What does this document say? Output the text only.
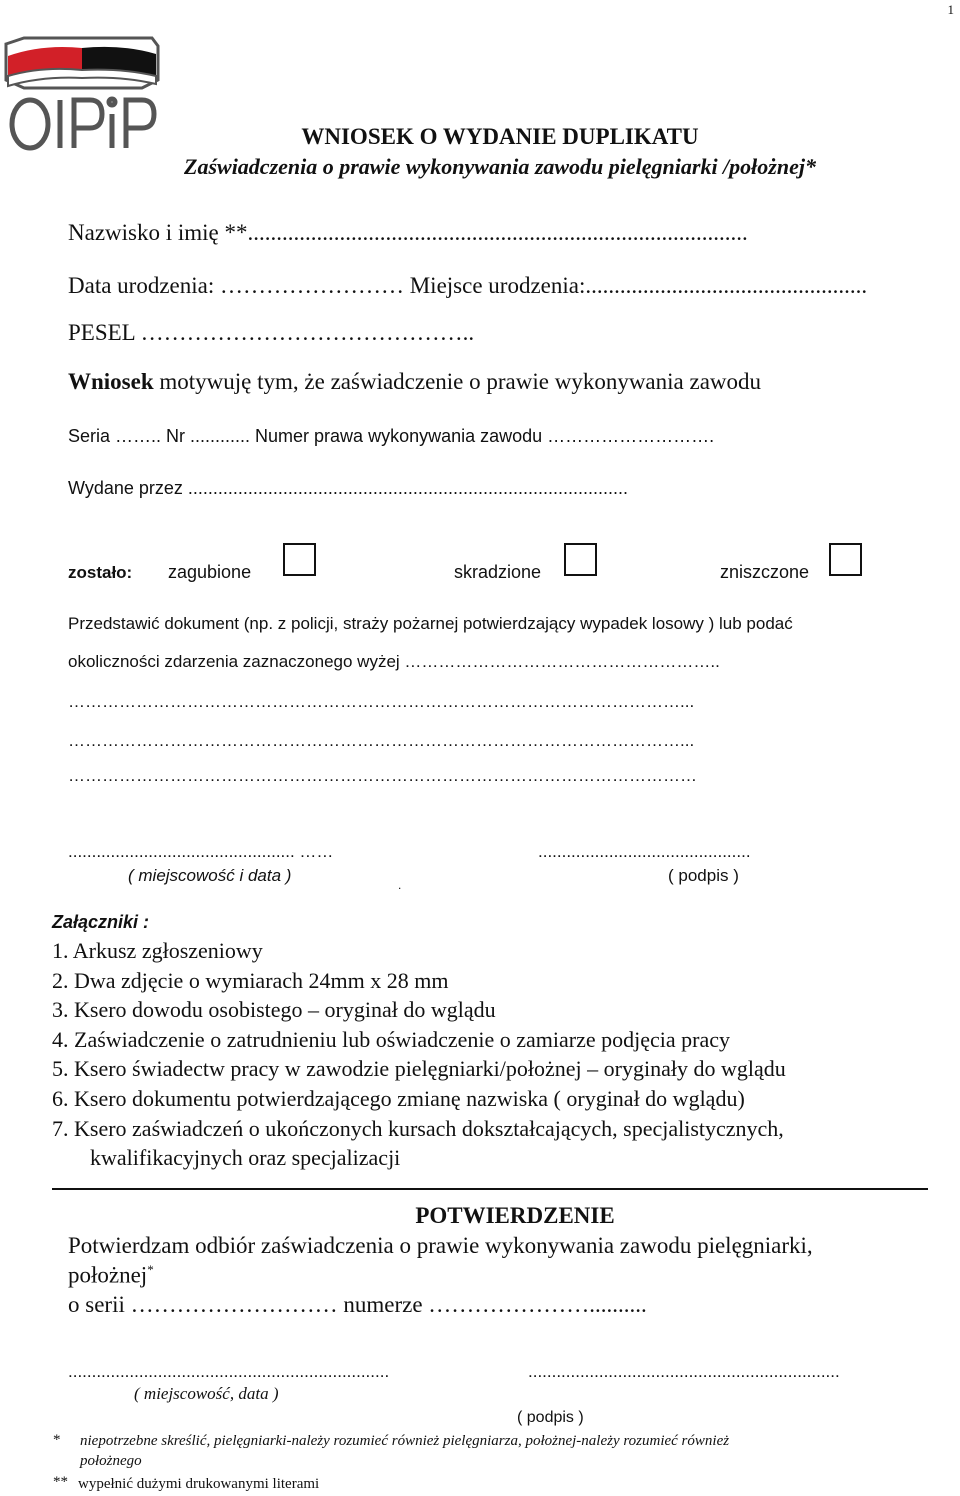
1
WNIOSEK O WYDANIE DUPLIKATU
Zaświadczenia o prawie wykonywania zawodu pielęgniarki /położnej*
Nazwisko i imię **.......................................................................................
Data urodzenia: …………………… Miejsce urodzenia:.................................................
PESEL ……………………………………..
Wniosek motywuję tym, że zaświadczenie o prawie wykonywania zawodu
Seria …….. Nr ............ Numer prawa wykonywania zawodu ……………………….
Wydane przez ........................................................................................
zostało: zagubione	skradzione	zniszczone
Przedstawić dokument (np. z policji, straży pożarnej potwierdzający wypadek losowy ) lub podać
okoliczności zdarzenia zaznaczonego wyżej ………………………………………………..
………………………………………………………………………………………………...
………………………………………………………………………………………………...
…………………………………………………………………………………………………
................................................ ……	.............................................
( miejscowość i data )	.	( podpis )
Załączniki :
1. Arkusz zgłoszeniowy
2. Dwa zdjęcie o wymiarach 24mm x 28 mm
3. Ksero dowodu osobistego – oryginał do wglądu
4. Zaświadczenie o zatrudnieniu lub oświadczenie o zamiarze podjęcia pracy
5. Ksero świadectw pracy w zawodzie pielęgniarki/położnej – oryginały do wglądu
6. Ksero dokumentu potwierdzającego zmianę nazwiska ( oryginał do wglądu)
7. Ksero zaświadczeń o ukończonych kursach dokształcających, specjalistycznych,
kwalifikacyjnych oraz specjalizacji
POTWIERDZENIE
Potwierdzam odbiór zaświadczenia o prawie wykonywania zawodu pielęgniarki,
położnej*
o serii ……………………… numerze …………………..........
....................................................................	..................................................................
( miejscowość, data )
( podpis )
* niepotrzebne skreślić, pielęgniarki-należy rozumieć również pielęgniarza, położnej-należy rozumieć również
położnego
** wypełnić dużymi drukowanymi literami
